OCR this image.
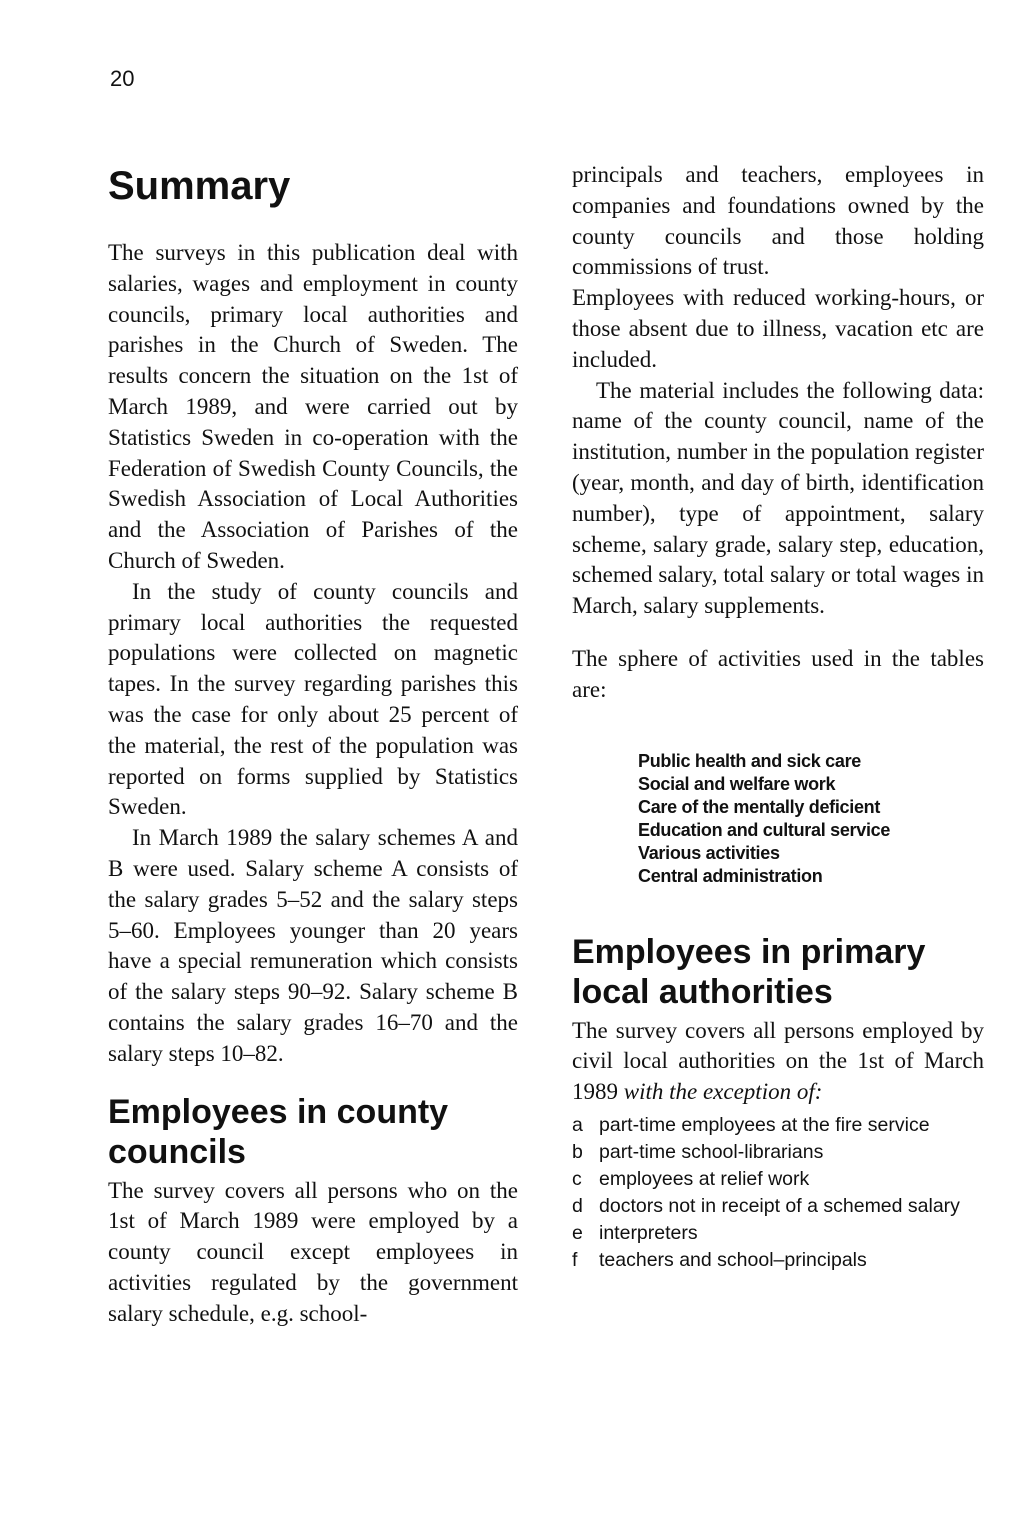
20
Summary

The surveys in this publication deal with salaries, wages and employment in county councils, primary local authorities and parishes in the Church of Sweden. The results concern the situation on the 1st of March 1989, and were carried out by Statistics Sweden in co-operation with the Federation of Swedish County Councils, the Swedish Association of Local Authorities and the Association of Parishes of the Church of Sweden.

In the study of county councils and primary local authorities the requested populations were collected on magnetic tapes. In the survey regarding parishes this was the case for only about 25 percent of the material, the rest of the population was reported on forms supplied by Statistics Sweden.

In March 1989 the salary schemes A and B were used. Salary scheme A consists of the salary grades 5–52 and the salary steps 5–60. Employees younger than 20 years have a special remuneration which consists of the salary steps 90–92. Salary scheme B contains the salary grades 16–70 and the salary steps 10–82.

Employees in county councils

The survey covers all persons who on the 1st of March 1989 were employed by a county council except employees in activities regulated by the government salary schedule, e.g. school-

principals and teachers, employees in companies and foundations owned by the county councils and those holding commissions of trust.

Employees with reduced working-hours, or those absent due to illness, vacation etc are included.

The material includes the following data: name of the county council, name of the institution, number in the population register (year, month, and day of birth, identification number), type of appointment, salary scheme, salary grade, salary step, education, schemed salary, total salary or total wages in March, salary supplements.

The sphere of activities used in the tables are:

Public health and sick care
Social and welfare work
Care of the mentally deficient
Education and cultural service
Various activities
Central administration
Employees in primary local authorities

The survey covers all persons employed by civil local authorities on the 1st of March 1989 with the exception of:

a part-time employees at the fire service
b part-time school-librarians
c employees at relief work
d doctors not in receipt of a schemed salary
e interpreters
f	teachers and school–principals
